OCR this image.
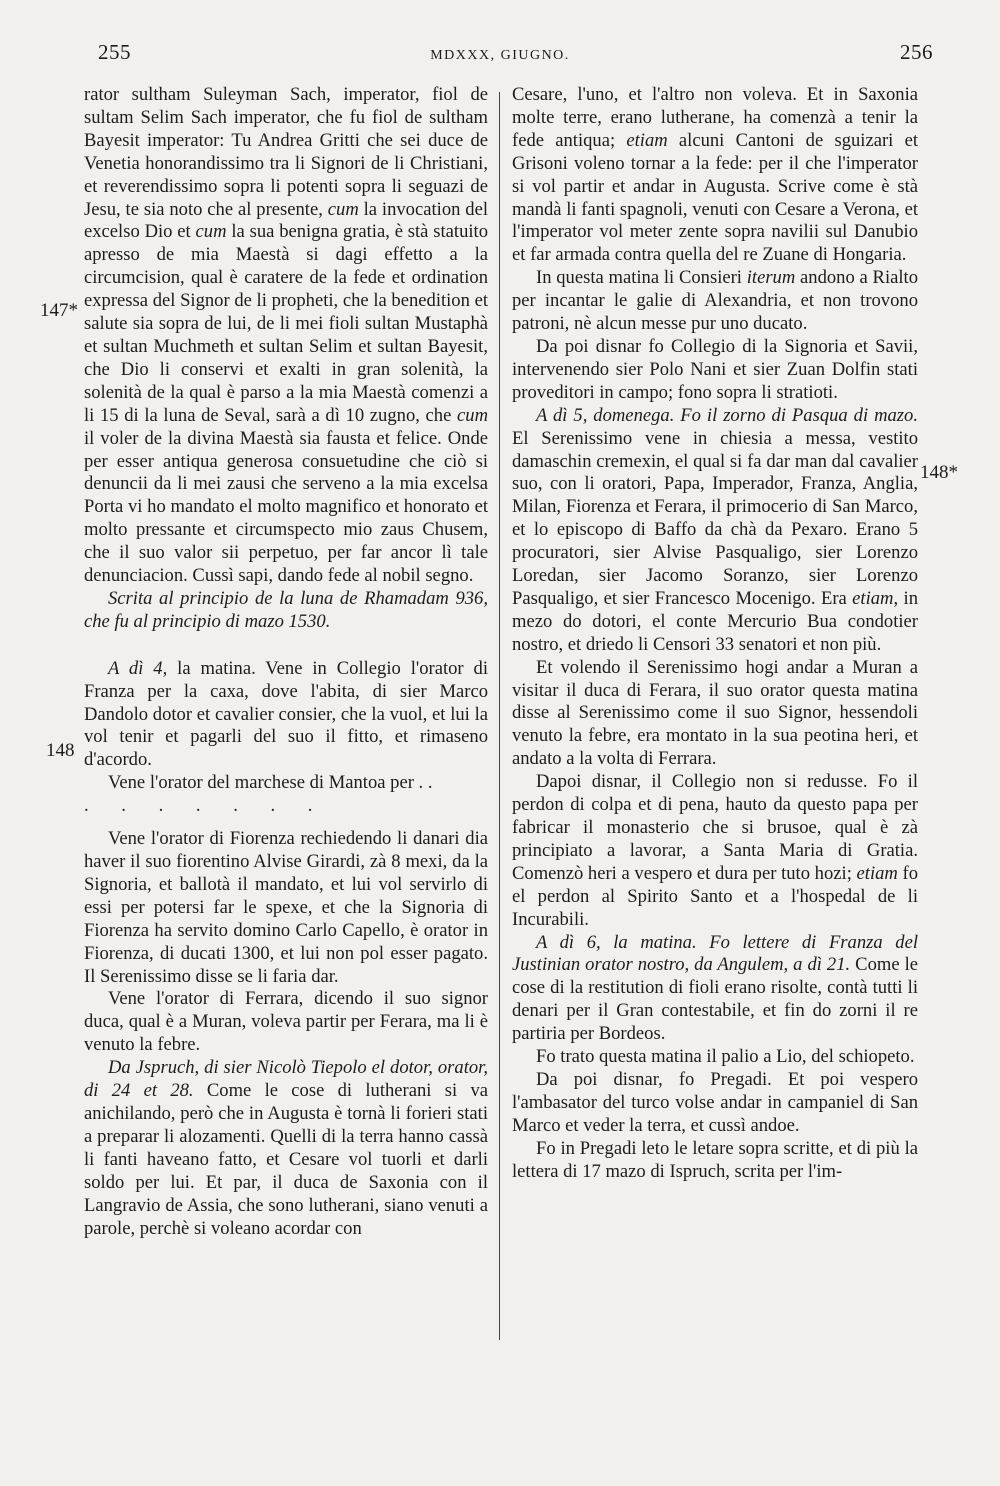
255	MDXXX, GIUGNO.	256
147*
148
148*

rator sultham Suleyman Sach, imperator, fiol de sultam Selim Sach imperator, che fu fiol de sultham Bayesit imperator: Tu Andrea Gritti che sei duce de Venetia honorandissimo tra li Signori de li Christiani, et reverendissimo sopra li potenti sopra li seguazi de Jesu, te sia noto che al presente, cum la invocation del excelso Dio et cum la sua benigna gratia, è stà statuito apresso de mia Maestà si dagi effetto a la circumcision, qual è caratere de la fede et ordination expressa del Signor de li propheti, che la benedition et salute sia sopra de lui, de li mei fioli sultan Mustaphà et sultan Muchmeth et sultan Selim et sultan Bayesit, che Dio li conservi et exalti in gran solenità, la solenità de la qual è parso a la mia Maestà comenzi a li 15 di la luna de Seval, sarà a dì 10 zugno, che cum il voler de la divina Maestà sia fausta et felice. Onde per esser antiqua generosa consuetudine che ciò si denuncii da li mei zausi che serveno a la mia excelsa Porta vi ho mandato el molto magnifico et honorato et molto pressante et circumspecto mio zaus Chusem, che il suo valor sii perpetuo, per far ancor lì tale denunciacion. Cussì sapi, dando fede al nobil segno.

Scrita al principio de la luna de Rhamadam 936, che fu al principio di mazo 1530.

A dì 4, la matina. Vene in Collegio l'orator di Franza per la caxa, dove l'abita, di sier Marco Dandolo dotor et cavalier consier, che la vuol, et lui la vol tenir et pagarli del suo il fitto, et rimaseno d'acordo.

Vene l'orator del marchese di Mantoa per . .

. . . . . . .

Vene l'orator di Fiorenza rechiedendo li danari dia haver il suo fiorentino Alvise Girardi, zà 8 mexi, da la Signoria, et ballotà il mandato, et lui vol servirlo di essi per potersi far le spexe, et che la Signoria di Fiorenza ha servito domino Carlo Capello, è orator in Fiorenza, di ducati 1300, et lui non pol esser pagato. Il Serenissimo disse se li faria dar.

Vene l'orator di Ferrara, dicendo il suo signor duca, qual è a Muran, voleva partir per Ferara, ma li è venuto la febre.

Da Jspruch, di sier Nicolò Tiepolo el dotor, orator, di 24 et 28. Come le cose di lutherani si va anichilando, però che in Augusta è tornà li forieri stati a preparar li alozamenti. Quelli di la terra hanno cassà li fanti haveano fatto, et Cesare vol tuorli et darli soldo per lui. Et par, il duca de Saxonia con il Langravio de Assia, che sono lutherani, siano venuti a parole, perchè si voleano acordar con

Cesare, l'uno, et l'altro non voleva. Et in Saxonia molte terre, erano lutherane, ha comenzà a tenir la fede antiqua; etiam alcuni Cantoni de sguizari et Grisoni voleno tornar a la fede: per il che l'imperator si vol partir et andar in Augusta. Scrive come è stà mandà li fanti spagnoli, venuti con Cesare a Verona, et l'imperator vol meter zente sopra navilii sul Danubio et far armada contra quella del re Zuane di Hongaria.

In questa matina li Consieri iterum andono a Rialto per incantar le galie di Alexandria, et non trovono patroni, nè alcun messe pur uno ducato.

Da poi disnar fo Collegio di la Signoria et Savii, intervenendo sier Polo Nani et sier Zuan Dolfin stati proveditori in campo; fono sopra li stratioti.

A dì 5, domenega. Fo il zorno di Pasqua di mazo. El Serenissimo vene in chiesia a messa, vestito damaschin cremexin, el qual si fa dar man dal cavalier suo, con li oratori, Papa, Imperador, Franza, Anglia, Milan, Fiorenza et Ferara, il primocerio di San Marco, et lo episcopo di Baffo da chà da Pexaro. Erano 5 procuratori, sier Alvise Pasqualigo, sier Lorenzo Loredan, sier Jacomo Soranzo, sier Lorenzo Pasqualigo, et sier Francesco Mocenigo. Era etiam, in mezo do dotori, el conte Mercurio Bua condotier nostro, et driedo li Censori 33 senatori et non più.

Et volendo il Serenissimo hogi andar a Muran a visitar il duca di Ferara, il suo orator questa matina disse al Serenissimo come il suo Signor, hessendoli venuto la febre, era montato in la sua peotina heri, et andato a la volta di Ferrara.

Dapoi disnar, il Collegio non si redusse. Fo il perdon di colpa et di pena, hauto da questo papa per fabricar il monasterio che si brusoe, qual è zà principiato a lavorar, a Santa Maria di Gratia. Comenzò heri a vespero et dura per tuto hozi; etiam fo el perdon al Spirito Santo et a l'hospedal de li Incurabili.

A dì 6, la matina. Fo lettere di Franza del Justinian orator nostro, da Angulem, a dì 21. Come le cose di la restitution di fioli erano risolte, contà tutti li denari per il Gran contestabile, et fin do zorni il re partiria per Bordeos.

Fo trato questa matina il palio a Lio, del schiopeto.

Da poi disnar, fo Pregadi. Et poi vespero l'ambasator del turco volse andar in campaniel di San Marco et veder la terra, et cussì andoe.

Fo in Pregadi leto le letare sopra scritte, et di più la lettera di 17 mazo di Ispruch, scrita per l'im-
